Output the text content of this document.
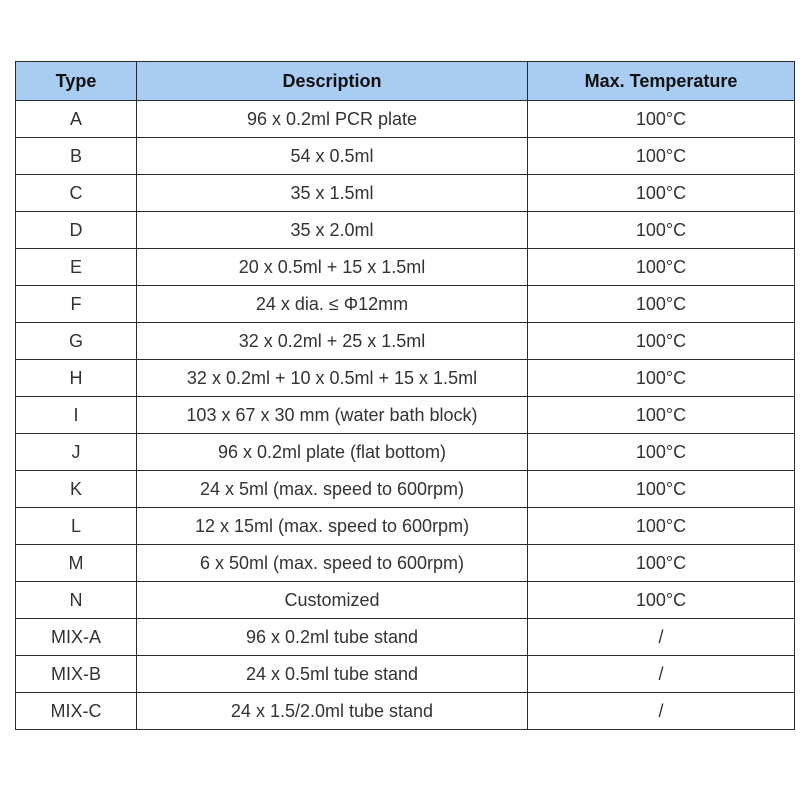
Type	Description	Max. Temperature
A	96 x 0.2ml PCR plate	100°C
B	54 x 0.5ml	100°C
C	35 x 1.5ml	100°C
D	35 x 2.0ml	100°C
E	20 x 0.5ml + 15 x 1.5ml	100°C
F	24 x dia. ≤ Φ12mm	100°C
G	32 x 0.2ml + 25 x 1.5ml	100°C
H	32 x 0.2ml + 10 x 0.5ml + 15 x 1.5ml	100°C
I	103 x 67 x 30 mm (water bath block)	100°C
J	96 x 0.2ml plate (flat bottom)	100°C
K	24 x 5ml (max. speed to 600rpm)	100°C
L	12 x 15ml (max. speed to 600rpm)	100°C
M	6 x 50ml (max. speed to 600rpm)	100°C
N	Customized	100°C
MIX-A	96 x 0.2ml tube stand	/
MIX-B	24 x 0.5ml tube stand	/
MIX-C	24 x 1.5/2.0ml tube stand	/
